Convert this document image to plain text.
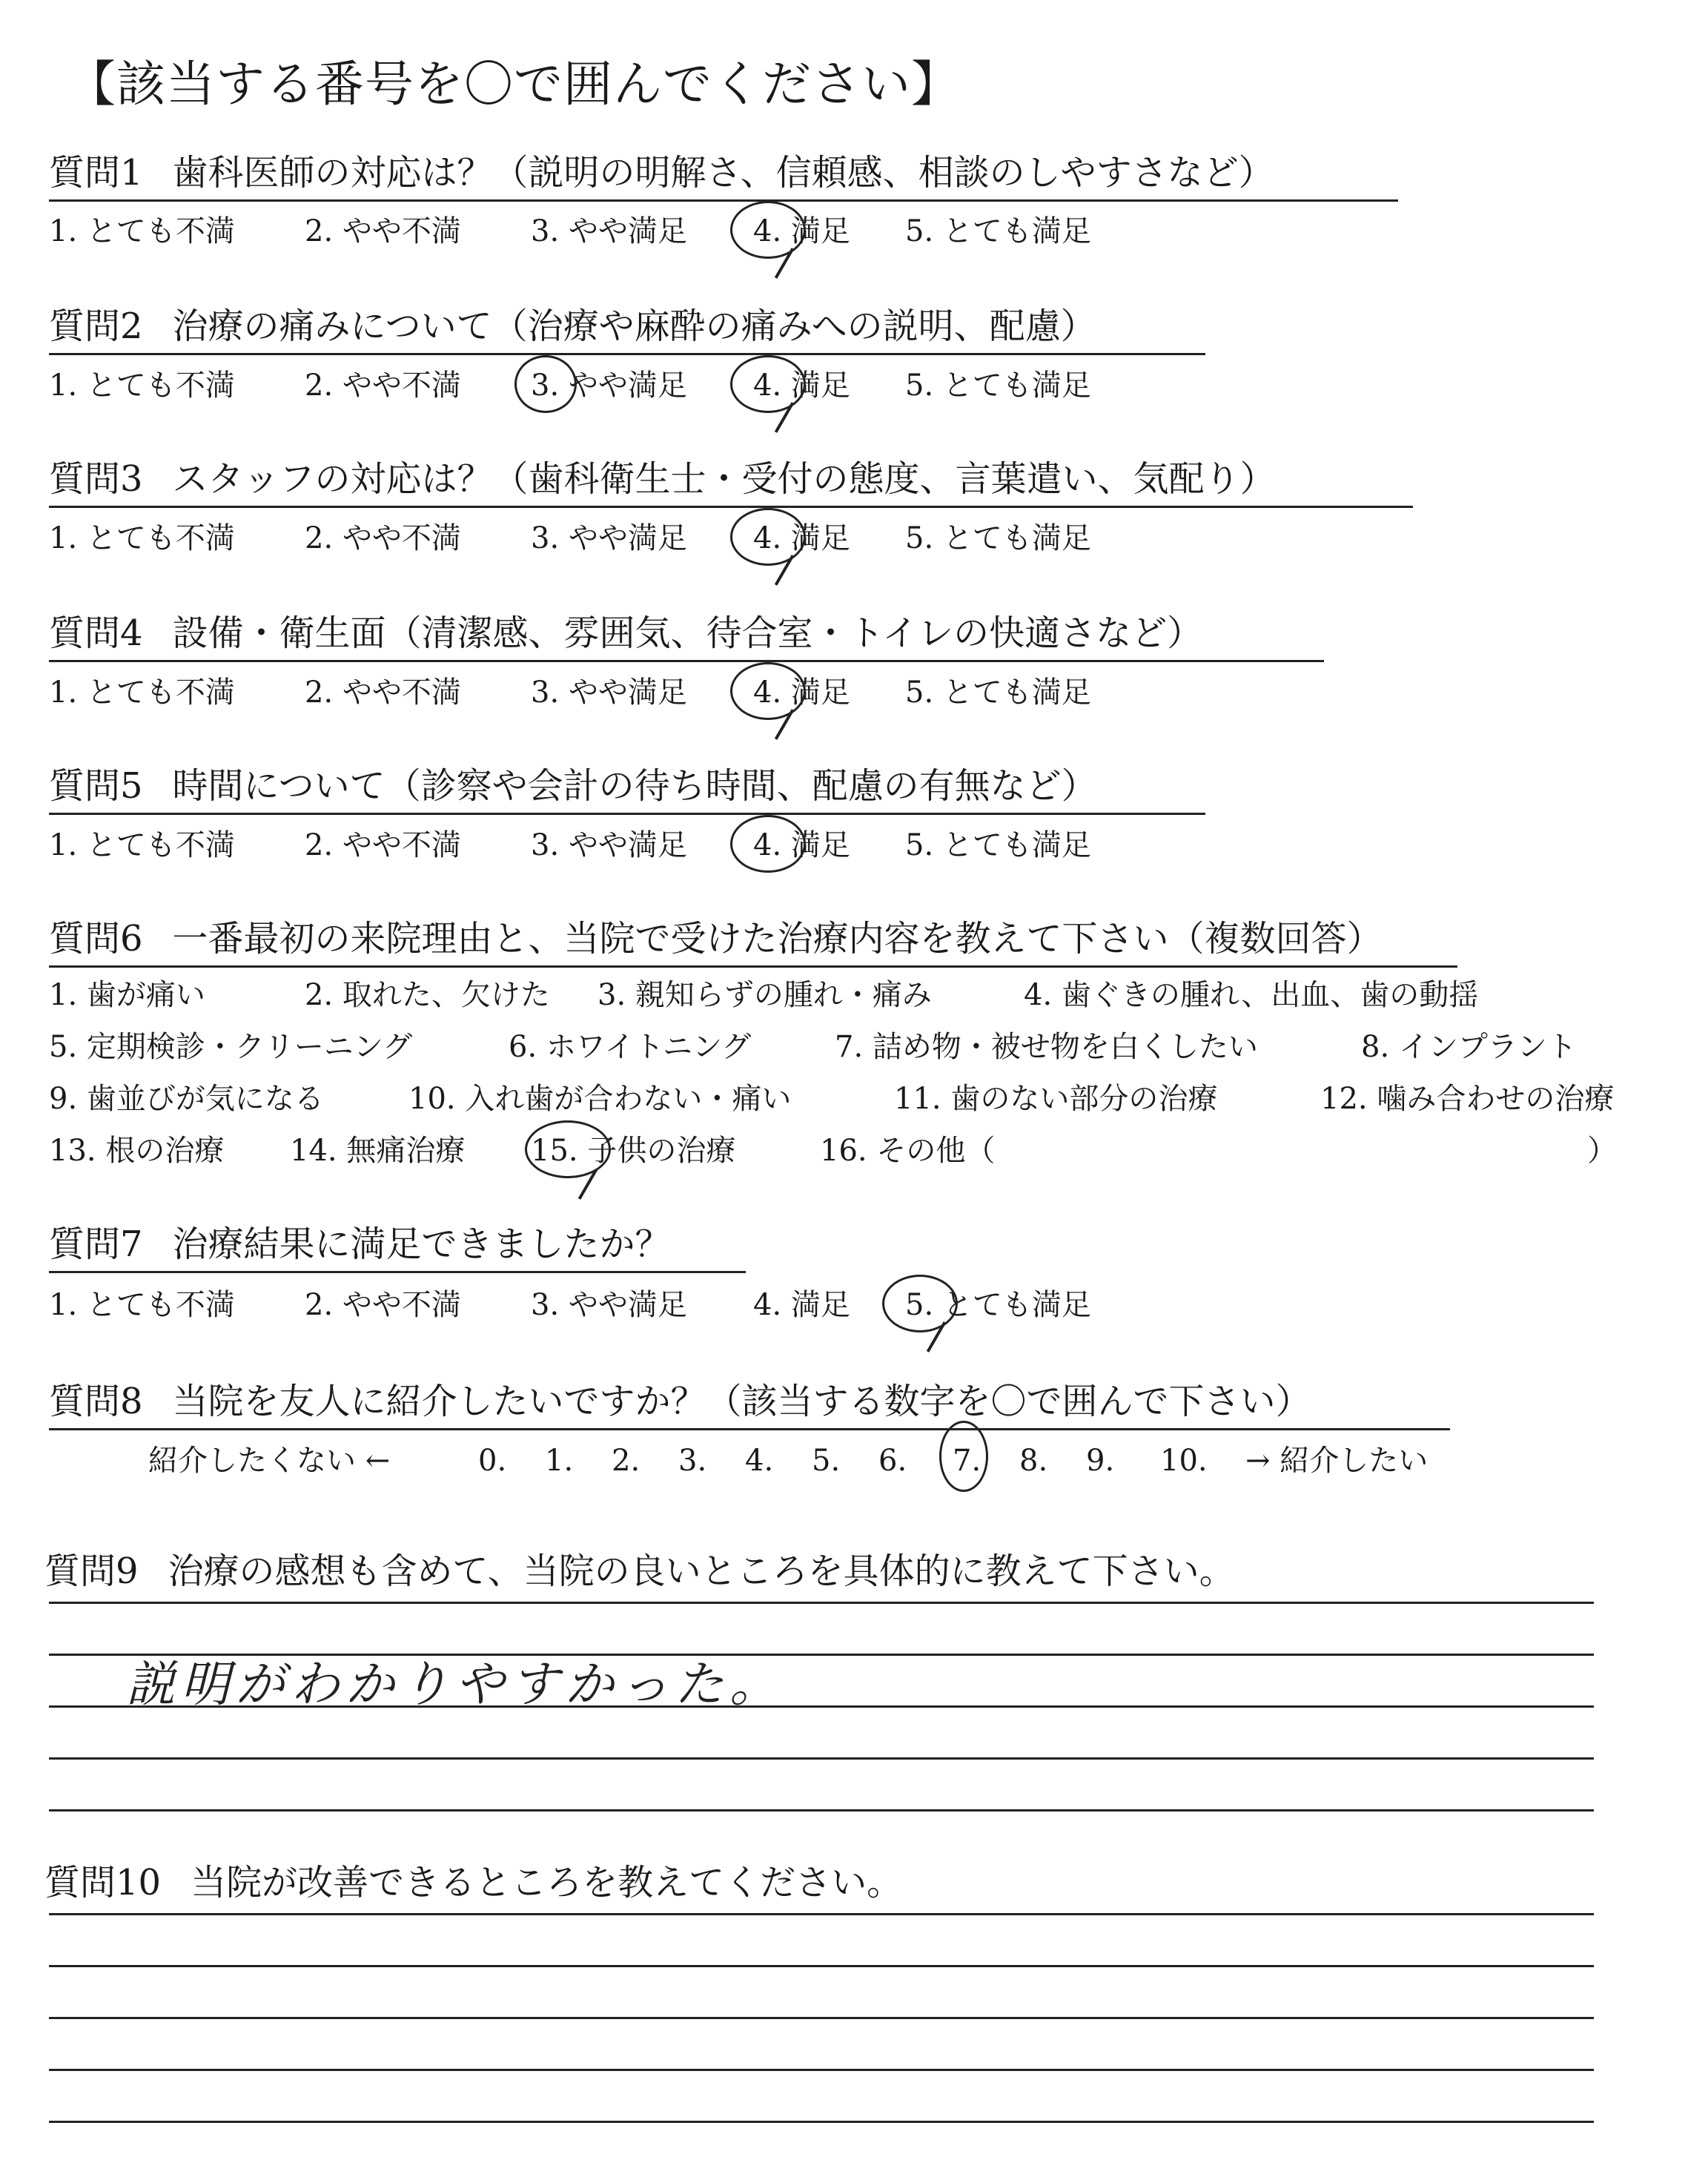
【該当する番号を〇で囲んでください】
質問1 歯科医師の対応は？（説明の明解さ、信頼感、相談のしやすさなど）
1. とても不満 2. やや不満 3. やや満足 4. 満足 5. とても満足
質問2 治療の痛みについて（治療や麻酔の痛みへの説明、配慮）
1. とても不満 2. やや不満 3. やや満足 4. 満足 5. とても満足
質問3 スタッフの対応は？（歯科衛生士・受付の態度、言葉遣い、気配り）
1. とても不満 2. やや不満 3. やや満足 4. 満足 5. とても満足
質問4 設備・衛生面（清潔感、雰囲気、待合室・トイレの快適さなど）
1. とても不満 2. やや不満 3. やや満足 4. 満足 5. とても満足
質問5 時間について（診察や会計の待ち時間、配慮の有無など）
1. とても不満 2. やや不満 3. やや満足 4. 満足 5. とても満足
質問6 一番最初の来院理由と、当院で受けた治療内容を教えて下さい（複数回答）
1. 歯が痛い	2. 取れた、欠けた 3. 親知らずの腫れ・痛み	4. 歯ぐきの腫れ、出血、歯の動揺
5. 定期検診・クリーニング	6. ホワイトニング	7. 詰め物・被せ物を白くしたい	8. インプラント
9. 歯並びが気になる	10. 入れ歯が合わない・痛い	11. 歯のない部分の治療	12. 噛み合わせの治療
13. 根の治療 14. 無痛治療 15. 子供の治療	16. その他（	）
質問7 治療結果に満足できましたか？
1. とても不満 2. やや不満 3. やや満足 4. 満足 5. とても満足
質問8 当院を友人に紹介したいですか？（該当する数字を〇で囲んで下さい）
紹介したくない ←	0. 1. 2. 3. 4. 5. 6. 7. 8. 9. 10. → 紹介したい
質問9 治療の感想も含めて、当院の良いところを具体的に教えて下さい。
説明がわかりやすかった。
質問10 当院が改善できるところを教えてください。
